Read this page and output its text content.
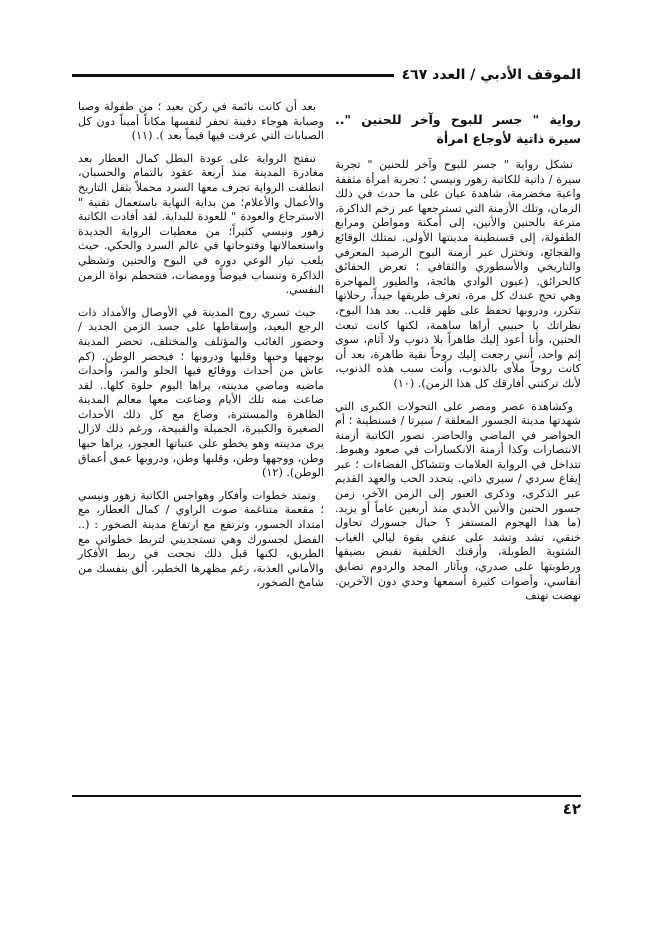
الموقف الأدبي / العدد ٤٦٧
رواية " جسر للبوح وآخر للحنين ".. سيرة ذاتية لأوجاع امرأة

تشكل رواية " جسر للبوح وآخر للحنين " تجربة سيرة / ذاتية للكاتبة زهور ونيسي ؛ تجربة امرأة مثقفة واعية مخضرمة، شاهدة عيان على ما حدث في ذلك الزمان، وتلك الأزمنة التي تسترجعها عبر زخم الذاكرة، مترعة بالحنين والأنين، إلى أمكنة ومواطن ومرابع الطفولة، إلى قسنطينة مدينتها الأولى. تمتلك الوقائع والفجائع، وتختزل عبر أزمنة البوح الرصيد المعرفي والتاريخي والأسطوري والثقافي ؛ تعرض الحقائق كالحرائق. (عيون الوادي هائجة، والطيور المهاجرة وهي تحج عندك كل مرة، تعرف طريقها جيداً، رحلاتها تتكرر، ودروبها تحفظ على ظهر قلب.. بعد هذا البوح، نظراتك يا حبيبي أراها ساهمة، لكنها كانت تبعث الحنين، وأنا أعود إليك طاهراً بلا ذنوب ولا آثام، سوى إثم واحد، أنني رجعت إليك روحاً نقية طاهرة، بعد أن كانت روحاً ملأى بالذنوب، وأنت سبب هذه الذنوب، لأنك تركتني أفارقك كل هذا الزمن). (١٠)

وكشاهدة عصر ومصر على التحولات الكبرى التي شهدتها مدينة الجسور المعلقة / سيرتا / قسنطينة ؛ أم الحواضر في الماضي والحاضر. تصور الكاتبة أزمنة الانتصارات وكذا أزمنة الانكسارات في صعود وهبوط. تتداخل في الرواية العلامات وتتشاكل الفضاءات ؛ عبر إيقاع سردي / سيري ذاتي. يتجدد الحب والعهد القديم عبر الذكرى، وذكرى العبور إلى الزمن الآخر، زمن جسور الحنين والأنين الأبدي منذ أربعين عاماً أو يزيد. (ما هذا الهجوم المستفز ؟ حبال جسورك تحاول خنقي، تشد وتشد على عنقي بقوة ليالي الغياب الشتوية الطويلة، وأزقتك الخلفية تقبض بضيقها ورطوبتها على صدري، وبآثار المجد والردوم تضايق أنفاسي، وأصوات كثيرة أسمعها وحدي دون الآخرين. نهضت تهتف

بعد أن كانت نائمة في ركن بعيد ؛ من طفولة وصبا وصبابة هوجاء دفينة تحفر لنفسها مكاناً أميناً دون كل الصبابات التي عرفت فيها قيماً بعد ). (١١)

تنفتح الرواية على عودة البطل كمال العطار بعد مغادرة المدينة منذ أربعة عقود بالتمام والحسبان، انطلقت الرواية تجرف معها السرد محملاً بثقل التاريخ والأعمال والأعلام؛ من بداية النهاية باستعمال تقنية " الاسترجاع والعودة " للعودة للبداية. لقد أفادت الكاتبة زهور ونيسي كثيراً؛ من معطيات الرواية الجديدة واستعمالاتها وفتوحاتها في عالم السرد والحكي. حيث يلعب تيار الوعي دوره في البوح والحنين وتشظي الذاكرة وتنساب فيوضاً وومضات، فتتحطم نواة الزمن النفسي.

حيث تسري روح المدينة في الأوصال والأمداد ذات الرجع البعيد، وإسقاطها على جسد الزمن الجديد / وحضور الغائب والمؤتلف والمختلف، تحضر المدينة بوجهها وحبها وقلبها ودروبها ؛ فيحضر الوطن. (كم عاش من أحداث ووقائع فيها الحلو والمر، وأحداث ماضيه وماضي مدينته، يراها اليوم حلوة كلها.. لقد ضاعت منه تلك الأيام وضاعت معها معالم المدينة الظاهرة والمستترة، وضاع مع كل ذلك الأحداث الصغيرة والكبيرة، الجميلة والقبيحة، ورغم ذلك لازال يرى مدينته وهو يخطو على عتباتها العجوز، يراها حبها وطن، ووجهها وطن، وقلبها وطن، ودروبها عمق أعماق الوطن). (١٢)

وتمتد خطوات وأفكار وهواجس الكاتبة زهور ونيسي ؛ مقعمة متناغمة صوت الراوي / كمال العطار، مع امتداد الجسور، وترتفع مع ارتفاع مدينة الصخور : (.. الفضل لجسورك وهي تستجديني لتربط خطواتي مع الطريق، لكنها قبل ذلك نجحت في ربط الأفكار والأماني العذبة، رغم مظهرها الخطير. ألق بنفسك من شامخ الصخور،

٤٢
